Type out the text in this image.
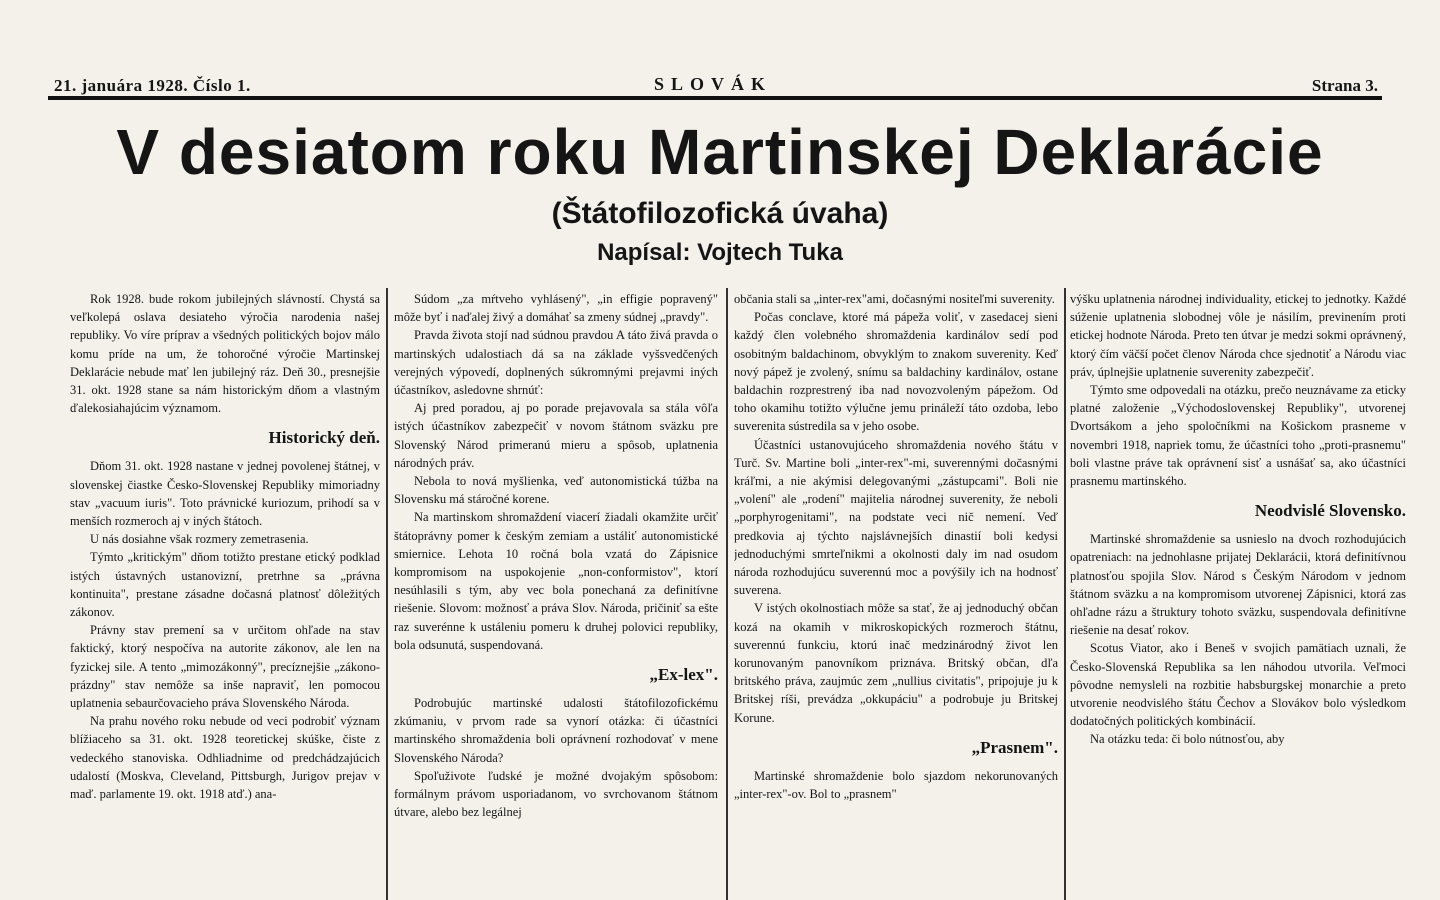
21. januára 1928. Číslo 1.	SLOVÁK	Strana 3.
V desiatom roku Martinskej Deklarácie
(Štátofilozofická úvaha)
Napísal: Vojtech Tuka

Rok 1928. bude rokom jubilejných slávností. Chystá sa veľkolepá oslava desiateho výročia narodenia našej republiky. Vo víre príprav a všedných politických bojov málo komu príde na um, že tohoročné výročie Martinskej Deklarácie nebude mať len jubilejný ráz. Deň 30., presnejšie 31. okt. 1928 stane sa nám historickým dňom a vlastným ďalekosiahajúcim významom.

Historický deň.

Dňom 31. okt. 1928 nastane v jednej povolenej štátnej, v slovenskej čiastke Česko-Slovenskej Republiky mimoriadny stav „vacuum iuris". Toto právnické kuriozum, prihodí sa v menších rozmeroch aj v iných štátoch.

U nás dosiahne však rozmery zemetrasenia.

Týmto „kritickým" dňom totižto prestane etický podklad istých ústavných ustanovizní, pretrhne sa „právna kontinuita", prestane zásadne dočasná platnosť dôležitých zákonov.

Právny stav premení sa v určitom ohľade na stav faktický, ktorý nespočíva na autorite zákonov, ale len na fyzickej sile. A tento „mimozákonný", precíznejšie „zákono-prázdny" stav nemôže sa inše napraviť, len pomocou uplatnenia sebaurčovacieho práva Slovenského Národa.

Na prahu nového roku nebude od veci podrobiť význam blížiaceho sa 31. okt. 1928 teoretickej skúške, čiste z vedeckého stanoviska. Odhliadnime od predchádzajúcich udalostí (Moskva, Cleveland, Pittsburgh, Jurigov prejav v maď. parlamente 19. okt. 1918 atď.) ana-

Súdom „za mŕtveho vyhlásený", „in effigie popravený" môže byť i naďalej živý a domáhať sa zmeny súdnej „pravdy".

Pravda života stojí nad súdnou pravdou A táto živá pravda o martinských udalostiach dá sa na základe vyšsvedčených verejných výpovedí, doplnených súkromnými prejavmi iných účastníkov, asledovne shrnúť:

Aj pred poradou, aj po porade prejavovala sa stála vôľa istých účastníkov zabezpečiť v novom štátnom sväzku pre Slovenský Národ primeranú mieru a spôsob, uplatnenia národných práv.

Nebola to nová myšlienka, veď autonomistická túžba na Slovensku má stáročné korene.

Na martinskom shromaždení viacerí žiadali okamžite určiť štátoprávny pomer k českým zemiam a ustáliť autonomistické smiernice. Lehota 10 ročná bola vzatá do Zápisnice kompromisom na uspokojenie „non-conformistov", ktorí nesúhlasili s tým, aby vec bola ponechaná za definitívne riešenie. Slovom: možnosť a práva Slov. Národa, pričiniť sa ešte raz suverénne k ustáleniu pomeru k druhej polovici republiky, bola odsunutá, suspendovaná.

„Ex-lex".

Podrobujúc martinské udalosti štátofilozofickému zkúmaniu, v prvom rade sa vynorí otázka: či účastníci martinského shromaždenia boli oprávnení rozhodovať v mene Slovenského Národa?

Spoľuživote ľudské je možné dvojakým spôsobom: formálnym právom usporiadanom, vo svrchovanom štátnom útvare, alebo bez legálnej

občania stali sa „inter-rex"ami, dočasnými nositeľmi suverenity.

Počas conclave, ktoré má pápeža voliť, v zasedacej sieni každý člen volebného shromaždenia kardinálov sedí pod osobitným baldachinom, obvyklým to znakom suverenity. Keď nový pápež je zvolený, snímu sa baldachiny kardinálov, ostane baldachin rozprestrený iba nad novozvoleným pápežom. Od toho okamihu totižto výlučne jemu prináleží táto ozdoba, lebo suverenita sústredila sa v jeho osobe.

Účastníci ustanovujúceho shromaždenia nového štátu v Turč. Sv. Martine boli „inter-rex"-mi, suverennými dočasnými kráľmi, a nie akýmisi delegovanými „zástupcami". Boli nie „volení" ale „rodení" majitelia národnej suverenity, že neboli „porphyrogenitami", na podstate veci nič nemení. Veď predkovia aj týchto najslávnejších dinastií boli kedysi jednoduchými smrteľnikmi a okolnosti daly im nad osudom národa rozhodujúcu suverennú moc a povýšily ich na hodnosť suverena.

V istých okolnostiach môže sa stať, že aj jednoduchý občan kozá na okamih v mikroskopických rozmeroch štátnu, suverennú funkciu, ktorú inač medzinárodný život len korunovaným panovníkom priznáva. Britský občan, dľa britského práva, zaujmúc zem „nullius civitatis", pripojuje ju k Britskej ríši, prevádza „okkupáciu" a podrobuje ju Britskej Korune.

„Prasnem".

Martinské shromaždenie bolo sjazdom nekorunovaných „inter-rex"-ov. Bol to „prasnem"

výšku uplatnenia národnej individuality, etickej to jednotky. Každé súženie uplatnenia slobodnej vôle je násilím, previnením proti etickej hodnote Národa. Preto ten útvar je medzi sokmi oprávnený, ktorý čím väčší počet členov Národa chce sjednotiť a Národu viac práv, úplnejšie uplatnenie suverenity zabezpečiť.

Týmto sme odpovedali na otázku, prečo neuznávame za eticky platné založenie „Východoslovenskej Republiky", utvorenej Dvortsákom a jeho spoločníkmi na Košickom prasneme v novembri 1918, napriek tomu, že účastníci toho „proti-prasnemu" boli vlastne práve tak oprávnení sisť a usnášať sa, ako účastníci prasnemu martinského.

Neodvislé Slovensko.

Martinské shromaždenie sa usnieslo na dvoch rozhodujúcich opatreniach: na jednohlasne prijatej Deklarácii, ktorá definitívnou platnosťou spojila Slov. Národ s Českým Národom v jednom štátnom sväzku a na kompromisom utvorenej Zápisnici, ktorá zas ohľadne rázu a štruktury tohoto sväzku, suspendovala definitívne riešenie na desať rokov.

Scotus Viator, ako i Beneš v svojich pamätiach uznali, že Česko-Slovenská Republika sa len náhodou utvorila. Veľmoci pôvodne nemysleli na rozbitie habsburgskej monarchie a preto utvorenie neodvislého štátu Čechov a Slovákov bolo výsledkom dodatočných politických kombinácií.

Na otázku teda: či bolo nútnosťou, aby
